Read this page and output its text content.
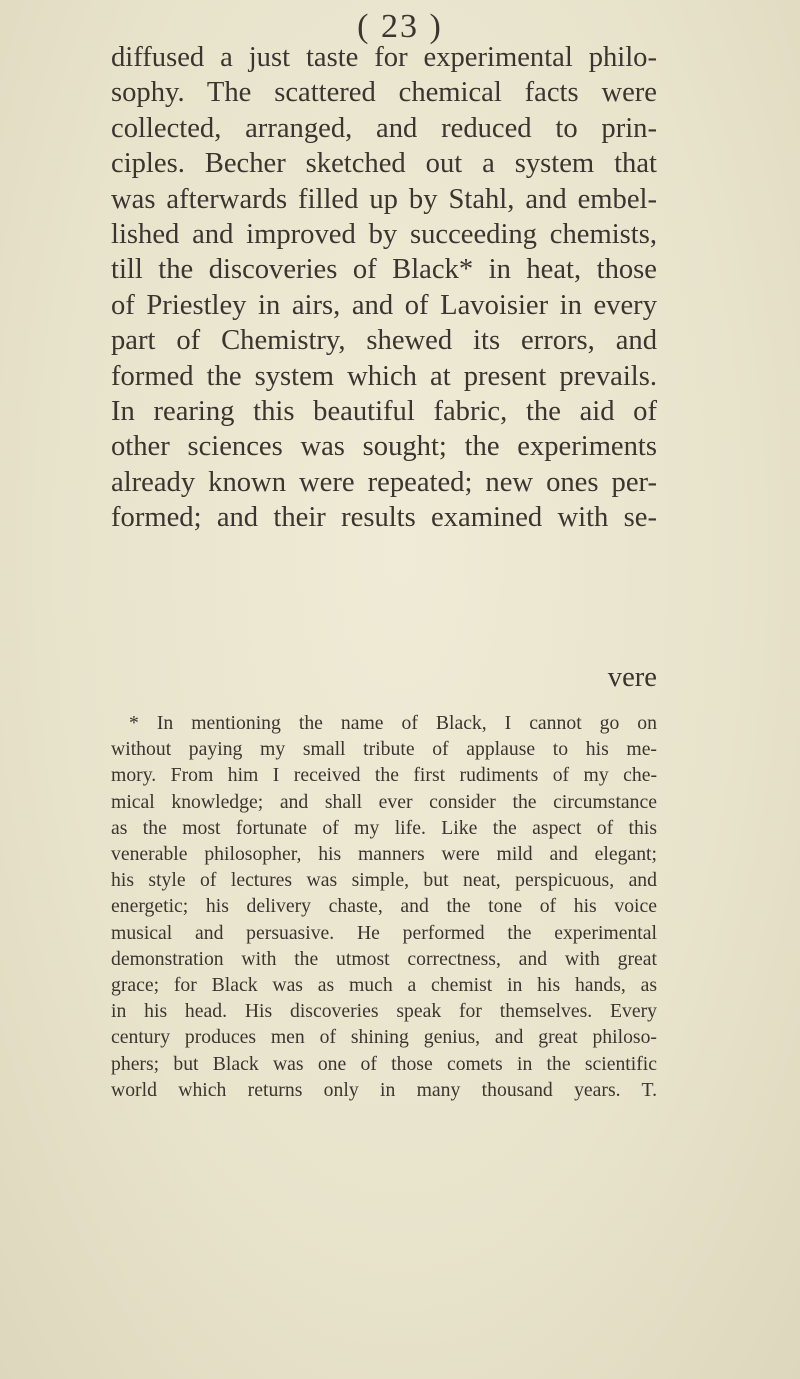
( 23 )
diffused a just taste for experimental philo-
sophy. The scattered chemical facts were
collected, arranged, and reduced to prin-
ciples. Becher sketched out a system that
was afterwards filled up by Stahl, and embel-
lished and improved by succeeding chemists,
till the discoveries of Black* in heat, those
of Priestley in airs, and of Lavoisier in every
part of Chemistry, shewed its errors, and
formed the system which at present prevails.
In rearing this beautiful fabric, the aid of
other sciences was sought; the experiments
already known were repeated; new ones per-
formed; and their results examined with se-
vere
* In mentioning the name of Black, I cannot go on
without paying my small tribute of applause to his me-
mory. From him I received the first rudiments of my che-
mical knowledge; and shall ever consider the circumstance
as the most fortunate of my life. Like the aspect of this
venerable philosopher, his manners were mild and elegant;
his style of lectures was simple, but neat, perspicuous, and
energetic; his delivery chaste, and the tone of his voice
musical and persuasive. He performed the experimental
demonstration with the utmost correctness, and with great
grace; for Black was as much a chemist in his hands, as
in his head. His discoveries speak for themselves. Every
century produces men of shining genius, and great philoso-
phers; but Black was one of those comets in the scientific
world which returns only in many thousand years. T.
